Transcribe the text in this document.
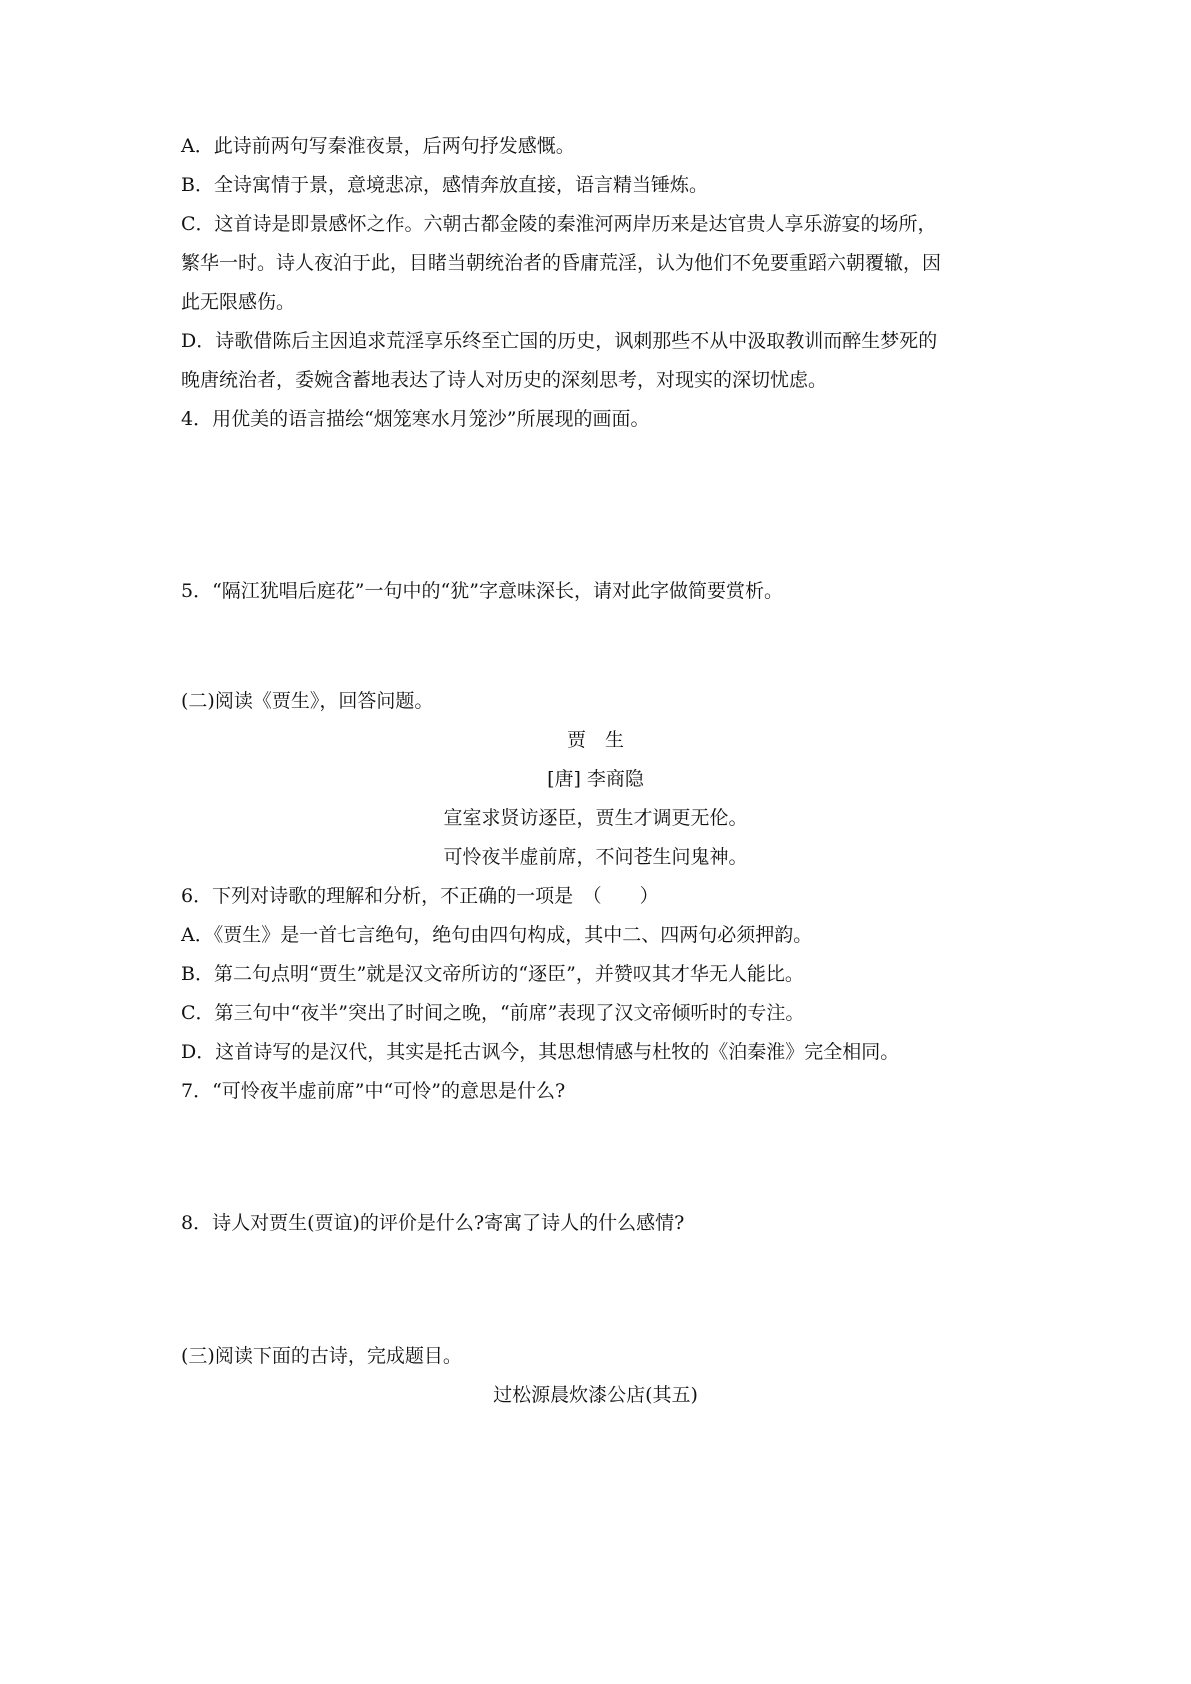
A．此诗前两句写秦淮夜景，后两句抒发感慨。
B．全诗寓情于景，意境悲凉，感情奔放直接，语言精当锤炼。
C．这首诗是即景感怀之作。六朝古都金陵的秦淮河两岸历来是达官贵人享乐游宴的场所，
繁华一时。诗人夜泊于此，目睹当朝统治者的昏庸荒淫，认为他们不免要重蹈六朝覆辙，因
此无限感伤。
D．诗歌借陈后主因追求荒淫享乐终至亡国的历史，讽刺那些不从中汲取教训而醉生梦死的
晚唐统治者，委婉含蓄地表达了诗人对历史的深刻思考，对现实的深切忧虑。
4．用优美的语言描绘“烟笼寒水月笼沙”所展现的画面。
5．“隔江犹唱后庭花”一句中的“犹”字意味深长，请对此字做简要赏析。
(二)阅读《贾生》，回答问题。
贾　生
[唐] 李商隐
宣室求贤访逐臣，贾生才调更无伦。
可怜夜半虚前席，不问苍生问鬼神。
6．下列对诗歌的理解和分析，不正确的一项是　（　　）
A．《贾生》是一首七言绝句，绝句由四句构成，其中二、四两句必须押韵。
B．第二句点明“贾生”就是汉文帝所访的“逐臣”，并赞叹其才华无人能比。
C．第三句中“夜半”突出了时间之晚，“前席”表现了汉文帝倾听时的专注。
D．这首诗写的是汉代，其实是托古讽今，其思想情感与杜牧的《泊秦淮》完全相同。
7．“可怜夜半虚前席”中“可怜”的意思是什么?
8．诗人对贾生(贾谊)的评价是什么?寄寓了诗人的什么感情?
(三)阅读下面的古诗，完成题目。
过松源晨炊漆公店(其五)
